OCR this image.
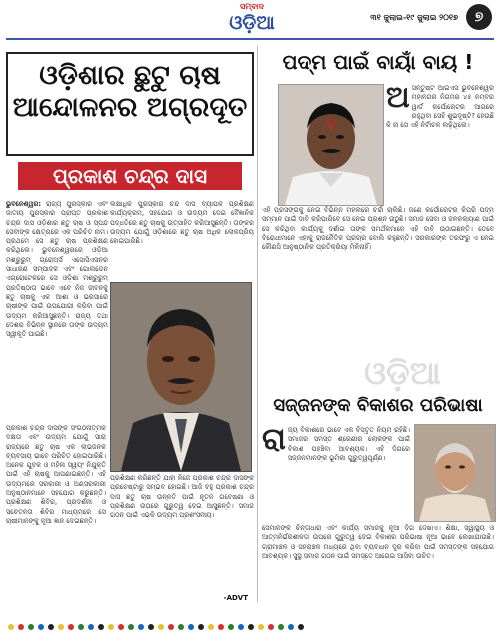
ସମ୍ବାଦ
ଓଡ଼ିଆ	୩୧ ଜୁଲାଇ-୧୯ ଜୁଲାଇ ୨୦୧୭	୭
ଓଡ଼ିଶାର ଛୁଟୁ ଚାଷ ଆନ୍ଦୋଳନର ଅଗ୍ରଦୂତ
ପ୍ରକାଶ ଚନ୍ଦ୍ର ଦାସ
ଭୁବନେଶ୍ୱର: ରାଜ୍ୟ ପୁରସ୍କାର ଏବଂ ଜାତୀୟ ପୁରସ୍କାର ପ୍ରାପ୍ତ ପ୍ରକାଶ ଚନ୍ଦ୍ର ଦାସ ଓଡ଼ିଶାର ଛତୁ ଚାଷ ଓ ସ୍ପନ୍ଦ ସେବୀଙ୍କ କ୍ଷେତ୍ରରେ ଏକ ପରିଚିତ ନାମ। ପ୍ରଥମେ ସେ ଛତୁ ଚାଷ ପ୍ରଶିକ୍ଷଣ କରିଥିଲେ। ଭୁବନେଶ୍ୱରରେ ଓଡ଼ିଆ ମଶ୍ରୁରୁମ୍ ଗ୍ରୋଅର୍ସ ଏସୋସିଏସନର ସାଧାରଣ ସମ୍ପାଦକ ଏବଂ ଗୋଲଡେନ ଏଗ୍ରୋଟେକରେ ସେ ଓଡ଼ିଶା ମଶ୍ରୁରୁମ୍ ପ୍ରତିଷ୍ଠାତା ଭାବେ ଏବେ ନିଜ ଜୀବନକୁ ଛତୁ ଚାଷକୁ ଏକ ଆଶା ଓ ଭରସାରେ ଚାଷୀଙ୍କ ପାଇଁ ଉପଯୋଗୀ କରିବା ପାଇଁ ଉଦ୍ୟମ କରିଆସୁଛନ୍ତି। ରାଜ୍ୟ ତଥା ଦେଶର ବିଭିନ୍ନ ସ୍ଥାନରେ ତାଙ୍କ ଉଦ୍ୟମ ସ୍ୱୀକୃତି ପାଇଛି।
ଲକ୍ଷାଧିକ ପୁରସ୍କାର ଚନ୍ଦ ଦାସ ବ୍ୟାପକ ପ୍ରଶିକ୍ଷଣ କାର୍ଯ୍ୟକ୍ରମ, ସହଯୋଗ ଓ ଉଦ୍ୟମ ଦେଇ ବୈଜ୍ଞାନିକ ପଦ୍ଧତିରେ ଛତୁ ଚାଷକୁ ଉତ୍ସାହିତ କରିଆସୁଛନ୍ତି। ତାଙ୍କର ଉଦ୍ୟମ ଯୋଗୁଁ ଓଡ଼ିଶାରେ ଛତୁ ଚାଷ ଅଧିକ ଲୋକପ୍ରିୟ ହୋଇପାରିଛି।
ପ୍ରକାଶ ଚନ୍ଦ୍ର ଦାସଙ୍କ ସଂଗଠନାତ୍ମକ ଦକ୍ଷତା ଏବଂ ଉଦ୍ୟମ ଯୋଗୁଁ ସାରା ରାଜ୍ୟରେ ଛତୁ ଚାଷ ଏକ ଲାଭଜନକ ବ୍ୟବସାୟ ଭାବେ ପରିଚିତ ହୋଇପାରିଛି। ଅନେକ ଯୁବକ ଓ ମହିଳା ସ୍ୱୟଂ ନିଯୁକ୍ତି ପାଇଁ ଏହି ଚାଷକୁ ଆପଣାଇଛନ୍ତି। ଏହି ଉଦ୍ୟମରେ ସରକାରୀ ଓ ଅଣସରକାରୀ ଅନୁଷ୍ଠାନମାନେ ସହଯୋଗ କରୁଛନ୍ତି। ପ୍ରଶିକ୍ଷଣ ଶିବିର, ପ୍ରଦର୍ଶନୀ ଓ ସଚେତନତା ଶିବିର ମାଧ୍ୟମରେ ସେ ଚାଷୀମାନଙ୍କୁ ନୂଆ ଜ୍ଞାନ ଦେଇଛନ୍ତି।
ପ୍ରଶିକ୍ଷଣ କରିଛନ୍ତି ଯାହା ନିଜେ ପ୍ରକାଶ ଚନ୍ଦ୍ର ଦାସଙ୍କ ପ୍ରଚେଷ୍ଟାରୁ ସମ୍ଭବ ହୋଇଛି। ଆଜି ବହୁ ପ୍ରକାଶ ଚନ୍ଦ୍ର ଦାସ ଛତୁ ଚାଷ ଉନ୍ନତି ପାଇଁ ନୂତନ ଗବେଷଣା ଓ ପ୍ରଶିକ୍ଷଣ ଉପରେ ଗୁରୁତ୍ୱ ଦେଇ ଆସୁଛନ୍ତି। ସମାଜ ଗଠନ ପାଇଁ ଏଭଳି ଉଦ୍ୟମ ପ୍ରଶଂସନୀୟ।
-ADVT
ପଦ୍ମ ପାଇଁ ବାୟାଁ ବାୟ !
ଅ ସନ୍ତୁଷ୍ଟ ଆଇଏସ ଭୁବନେଶ୍ୱର ମହାନଗର ନିଗମର ୪୫ ନମ୍ବର ୱାର୍ଡ କର୍ପୋରେଟର ଆଗରେ ରହୁଥିବା ସେହି ଶୁଭଦୃଷ୍ଟି? ହେଉଛି କି ନା ସେ ଏହି ନିର୍ବାଚନ ଲଢ଼ିଥିଲେ।
ଏହି ପ୍ରସଙ୍ଗକୁ ନେଇ ବିଭିନ୍ନ ମହଲରେ ଚର୍ଚ୍ଚା ଚାଲିଛି। ଜଣେ କର୍ପୋରେଟର କିପରି ପଦ୍ମ ସମ୍ମାନ ପାଇଁ ଦାବି କରିପାରିବେ ସେ ନେଇ ପ୍ରଶ୍ନ ଉଠୁଛି। ସମାଜ ସେବା ଓ ଜନକଲ୍ୟାଣ ପାଇଁ ସେ କରିଥିବା କାର୍ଯ୍ୟକୁ ଦର୍ଶାଇ ତାଙ୍କ ସମର୍ଥକମାନେ ଏହି ଦାବି ଉଠାଇଛନ୍ତି। ତେବେ ବିରୋଧୀମାନେ ଏହାକୁ ରାଜନୈତିକ ପ୍ରଚାର ବୋଲି କହୁଛନ୍ତି। ସରକାରଙ୍କ ତରଫରୁ ଏ ନେଇ କୌଣସି ଆନୁଷ୍ଠାନିକ ପ୍ରତିକ୍ରିୟା ମିଳିନାହିଁ।
ଓଡ଼ିଆ
ସଜ୍ଜନଙ୍କ ବିକାଶର ପରିଭାଷା
ରା ଜ୍ୟ ବିକାଶରେ ଭାବେ ଏକ ବିସ୍ତୃତ ନିୟମ ରହିଛି। ସମାଜର ସମସ୍ତ ଶ୍ରେଣୀର ଲୋକଙ୍କ ପାଇଁ ବିକାଶ ପହଞ୍ଚିବା ଆବଶ୍ୟକ। ଏହି ଦିଗରେ ସଜ୍ଜନମାନଙ୍କ ଭୂମିକା ଗୁରୁତ୍ୱପୂର୍ଣ୍ଣ।
ସେମାନଙ୍କ ଚିନ୍ତାଧାରା ଏବଂ କାର୍ଯ୍ୟ ସମାଜକୁ ନୂଆ ଦିଗ ଦେଖାଏ। ଶିକ୍ଷା, ସ୍ୱାସ୍ଥ୍ୟ ଓ ଆତ୍ମନିର୍ଭରଶୀଳତା ଉପରେ ଗୁରୁତ୍ୱ ଦେଇ ବିକାଶର ପରିଭାଷା ନୂଆ ଭାବେ ଲେଖାଯାଉଛି। ଗ୍ରାମାଞ୍ଚଳ ଓ ସହରାଞ୍ଚଳ ମଧ୍ୟରେ ଥିବା ବ୍ୟବଧାନ ଦୂର କରିବା ପାଇଁ ସମସ୍ତଙ୍କ ସହଯୋଗ ଆବଶ୍ୟକ। ସୁସ୍ଥ ସମାଜ ଗଠନ ପାଇଁ ସମସ୍ତେ ଆଗେଇ ଆସିବା ଉଚିତ।
